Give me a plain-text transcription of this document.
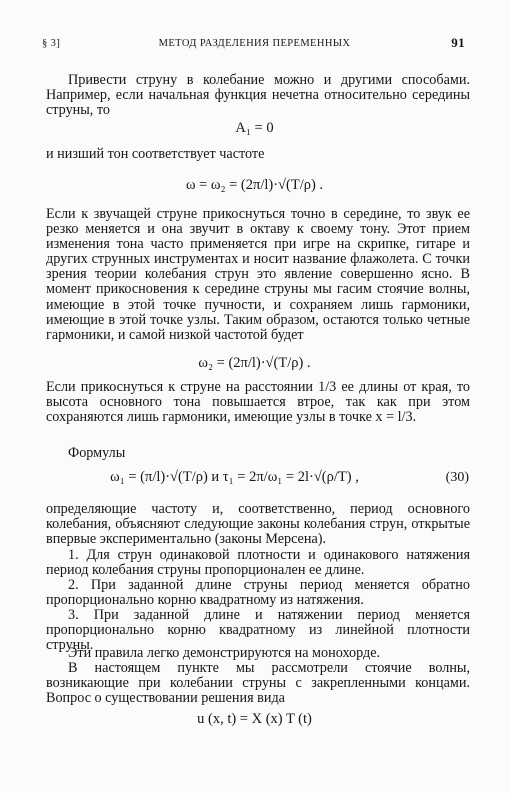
§ 3]	МЕТОД РАЗДЕЛЕНИЯ ПЕРЕМЕННЫХ	91
Привести струну в колебание можно и другими способами. Например, если начальная функция нечетна относительно середины струны, то
A₁ = 0
и низший тон соответствует частоте
ω = ω₂ = (2π/l)·√(T/ρ) .
Если к звучащей струне прикоснуться точно в середине, то звук ее резко меняется и она звучит в октаву к своему тону. Этот прием изменения тона часто применяется при игре на скрипке, гитаре и других струнных инструментах и носит название флажолета. С точки зрения теории колебания струн это явление совершенно ясно. В момент прикосновения к середине струны мы гасим стоячие волны, имеющие в этой точке пучности, и сохраняем лишь гармоники, имеющие в этой точке узлы. Таким образом, остаются только четные гармоники, и самой низкой частотой будет
ω₂ = (2π/l)·√(T/ρ) .
Если прикоснуться к струне на расстоянии 1/3 ее длины от края, то высота основного тона повышается втрое, так как при этом сохраняются лишь гармоники, имеющие узлы в точке x = l/3.
Формулы
ω₁ = (π/l)·√(T/ρ) и τ₁ = 2π/ω₁ = 2l·√(ρ/T) ,	(30)
определяющие частоту и, соответственно, период основного колебания, объясняют следующие законы колебания струн, открытые впервые экспериментально (законы Мерсена).
1. Для струн одинаковой плотности и одинакового натяжения период колебания струны пропорционален ее длине.
2. При заданной длине струны период меняется обратно пропорционально корню квадратному из натяжения.
3. При заданной длине и натяжении период меняется пропорционально корню квадратному из линейной плотности струны.
Эти правила легко демонстрируются на монохорде.
В настоящем пункте мы рассмотрели стоячие волны, возникающие при колебании струны с закрепленными концами. Вопрос о существовании решения вида
u (x, t) = X (x) T (t)
